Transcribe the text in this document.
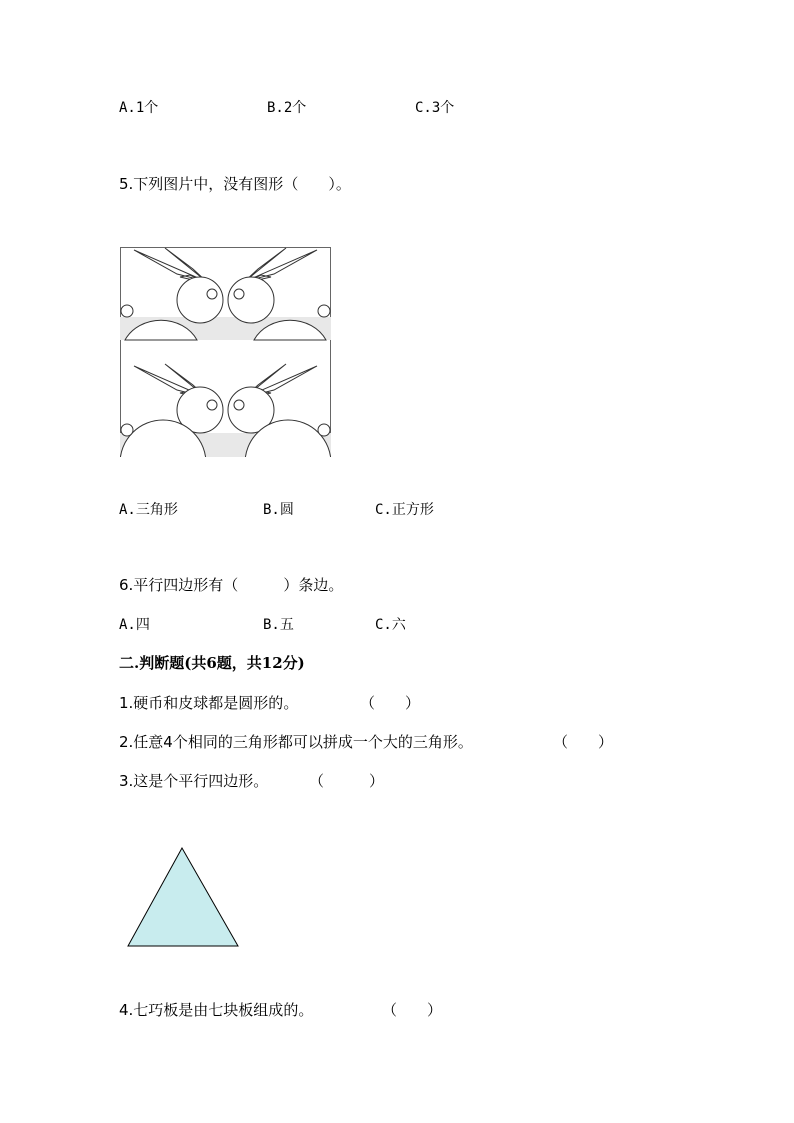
A.1个	B.2个	C.3个
5.下列图片中，没有图形（　　）。
A.三角形	B.圆	C.正方形
6.平行四边形有（　　　）条边。
A.四	B.五	C.六
二.判断题(共6题，共12分)
1.硬币和皮球都是圆形的。	（　　）
2.任意4个相同的三角形都可以拼成一个大的三角形。	（　　）
3.这是个平行四边形。	（　　　）
4.七巧板是由七块板组成的。	（　　）
